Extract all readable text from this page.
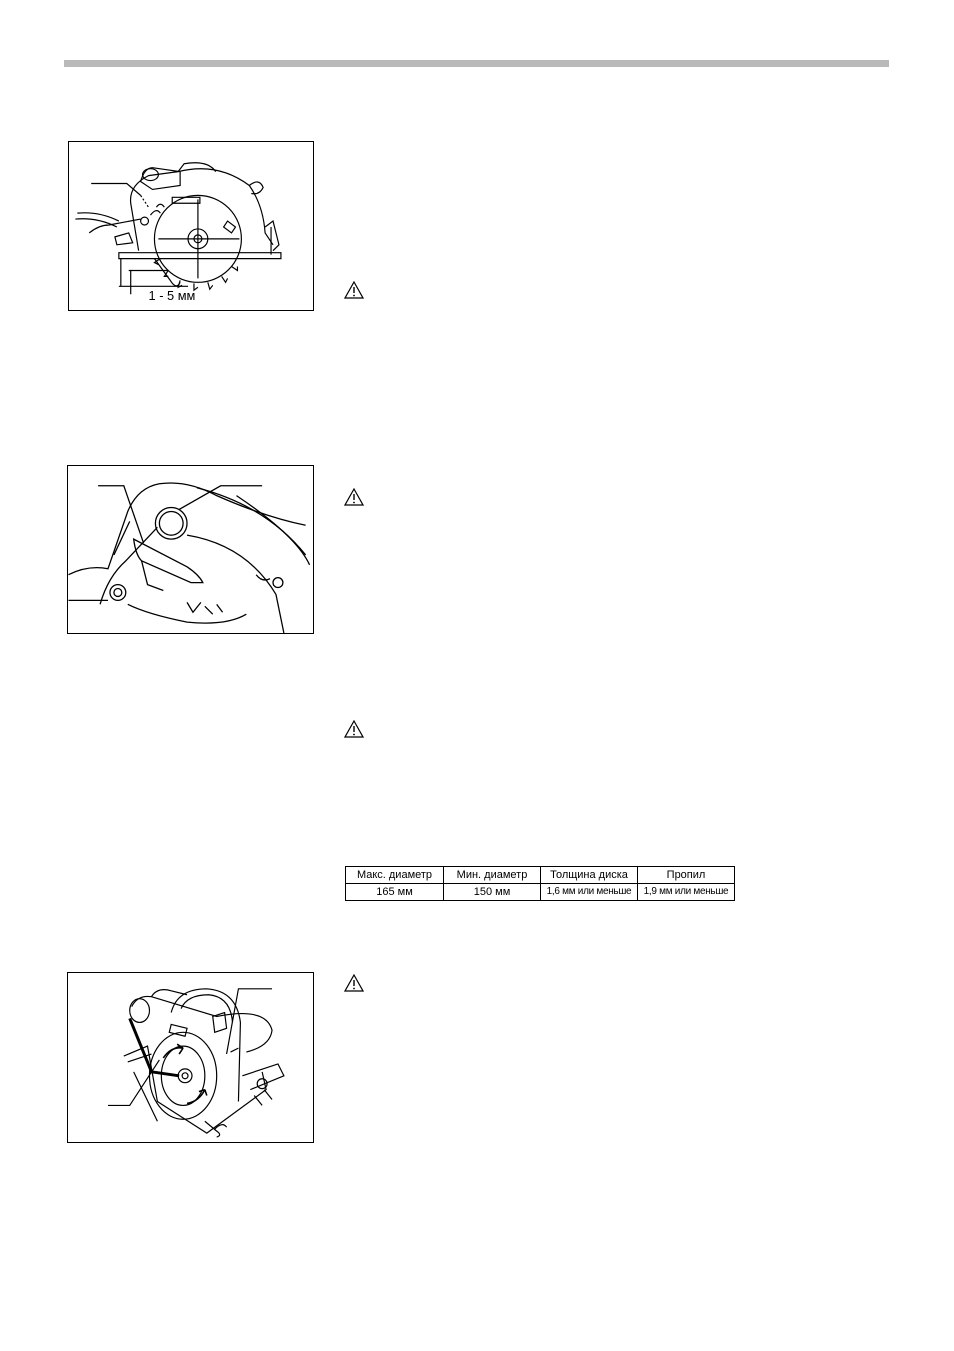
1 - 5 мм
Макс. диаметр	Мин. диаметр	Толщина диска	Пропил
165 мм	150 мм	1,6 мм или меньше	1,9 мм или меньше
